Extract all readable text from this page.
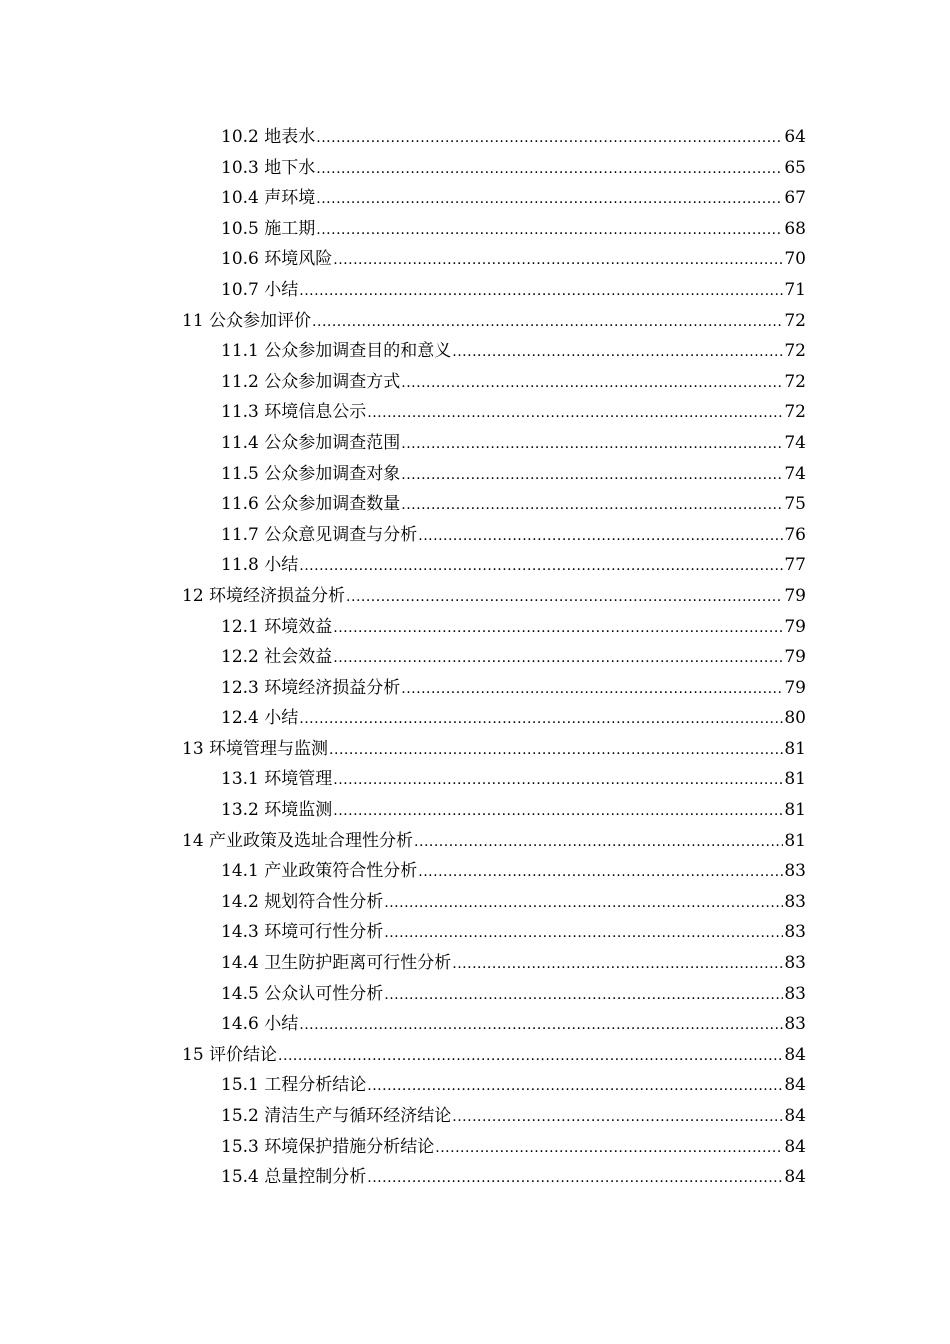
10.2 地表水 .....	64
10.3 地下水 .....	65
10.4 声环境 .....	67
10.5 施工期 .....	68
10.6 环境风险 .....	70
10.7 小结 .....	71
11 公众参加评价 .....	72
11.1 公众参加调查目的和意义 .....	72
11.2 公众参加调查方式 .....	72
11.3 环境信息公示 .....	72
11.4 公众参加调查范围 .....	74
11.5 公众参加调查对象 .....	74
11.6 公众参加调查数量 .....	75
11.7 公众意见调查与分析 .....	76
11.8 小结 .....	77
12 环境经济损益分析 .....	79
12.1 环境效益 .....	79
12.2 社会效益 .....	79
12.3 环境经济损益分析 .....	79
12.4 小结 .....	80
13 环境管理与监测 .....	81
13.1 环境管理 .....	81
13.2 环境监测 .....	81
14 产业政策及选址合理性分析 .....	81
14.1 产业政策符合性分析 .....	83
14.2 规划符合性分析 .....	83
14.3 环境可行性分析 .....	83
14.4 卫生防护距离可行性分析 .....	83
14.5 公众认可性分析 .....	83
14.6 小结 .....	83
15 评价结论 .....	84
15.1 工程分析结论 .....	84
15.2 清洁生产与循环经济结论 .....	84
15.3 环境保护措施分析结论 .....	84
15.4 总量控制分析 .....	84
